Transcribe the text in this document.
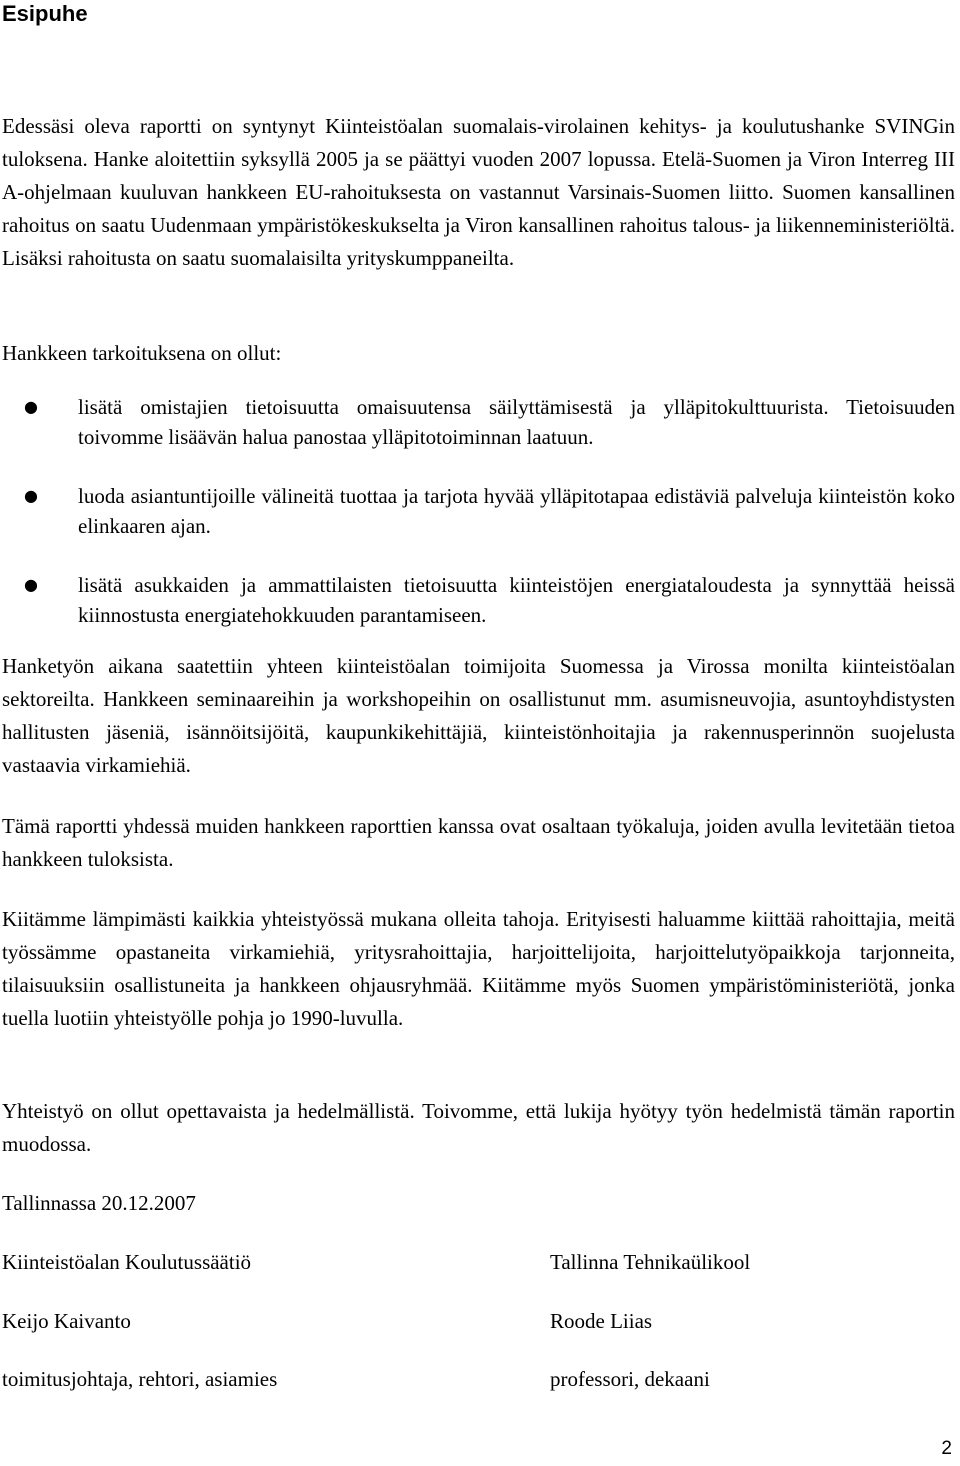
Esipuhe

Edessäsi oleva raportti on syntynyt Kiinteistöalan suomalais-virolainen kehitys- ja koulutushanke SVINGin tuloksena. Hanke aloitettiin syksyllä 2005 ja se päättyi vuoden 2007 lopussa. Etelä-Suomen ja Viron Interreg III A-ohjelmaan kuuluvan hankkeen EU-rahoituksesta on vastannut Varsinais-Suomen liitto. Suomen kansallinen rahoitus on saatu Uudenmaan ympäristökeskukselta ja Viron kansallinen rahoitus talous- ja liikenneministeriöltä. Lisäksi rahoitusta on saatu suomalaisilta yrityskumppaneilta.

Hankkeen tarkoituksena on ollut:
● lisätä omistajien tietoisuutta omaisuutensa säilyttämisestä ja ylläpitokulttuurista. Tietoisuuden toivomme lisäävän halua panostaa ylläpitotoiminnan laatuun.
● luoda asiantuntijoille välineitä tuottaa ja tarjota hyvää ylläpitotapaa edistäviä palveluja kiinteistön koko elinkaaren ajan.
● lisätä asukkaiden ja ammattilaisten tietoisuutta kiinteistöjen energiataloudesta ja synnyttää heissä kiinnostusta energiatehokkuuden parantamiseen.

Hanketyön aikana saatettiin yhteen kiinteistöalan toimijoita Suomessa ja Virossa monilta kiinteistöalan sektoreilta. Hankkeen seminaareihin ja workshopeihin on osallistunut mm. asumisneuvojia, asuntoyhdistysten hallitusten jäseniä, isännöitsijöitä, kaupunkikehittäjiä, kiinteistönhoitajia ja rakennusperinnön suojelusta vastaavia virkamiehiä.

Tämä raportti yhdessä muiden hankkeen raporttien kanssa ovat osaltaan työkaluja, joiden avulla levitetään tietoa hankkeen tuloksista.

Kiitämme lämpimästi kaikkia yhteistyössä mukana olleita tahoja. Erityisesti haluamme kiittää rahoittajia, meitä työssämme opastaneita virkamiehiä, yritysrahoittajia, harjoittelijoita, harjoittelutyöpaikkoja tarjonneita, tilaisuuksiin osallistuneita ja hankkeen ohjausryhmää. Kiitämme myös Suomen ympäristöministeriötä, jonka tuella luotiin yhteistyölle pohja jo 1990-luvulla.

Yhteistyö on ollut opettavaista ja hedelmällistä. Toivomme, että lukija hyötyy työn hedelmistä tämän raportin muodossa.

Tallinnassa 20.12.2007
Kiinteistöalan Koulutussäätiö	Tallinna Tehnikaülikool
Keijo Kaivanto	Roode Liias
toimitusjohtaja, rehtori, asiamies	professori, dekaani
2
